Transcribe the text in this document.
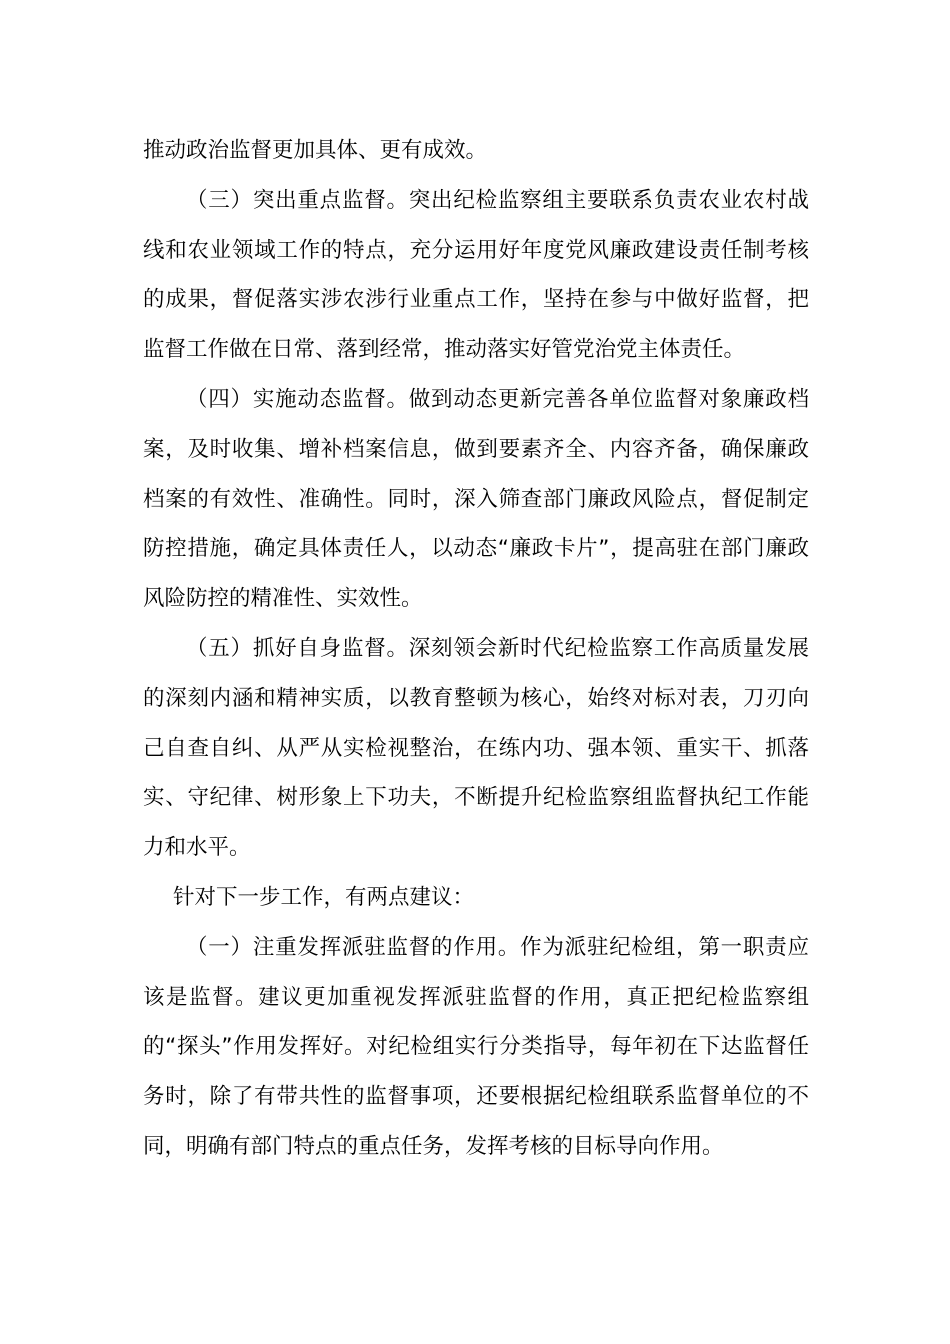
推动政治监督更加具体、更有成效。

（三）突出重点监督。突出纪检监察组主要联系负责农业农村战线和农业领域工作的特点，充分运用好年度党风廉政建设责任制考核的成果，督促落实涉农涉行业重点工作，坚持在参与中做好监督，把监督工作做在日常、落到经常，推动落实好管党治党主体责任。

（四）实施动态监督。做到动态更新完善各单位监督对象廉政档案，及时收集、增补档案信息，做到要素齐全、内容齐备，确保廉政档案的有效性、准确性。同时，深入筛查部门廉政风险点，督促制定防控措施，确定具体责任人，以动态“廉政卡片”，提高驻在部门廉政风险防控的精准性、实效性。

（五）抓好自身监督。深刻领会新时代纪检监察工作高质量发展的深刻内涵和精神实质，以教育整顿为核心，始终对标对表，刀刃向己自查自纠、从严从实检视整治，在练内功、强本领、重实干、抓落实、守纪律、树形象上下功夫，不断提升纪检监察组监督执纪工作能力和水平。

针对下一步工作，有两点建议：

（一）注重发挥派驻监督的作用。作为派驻纪检组，第一职责应该是监督。建议更加重视发挥派驻监督的作用，真正把纪检监察组的“探头”作用发挥好。对纪检组实行分类指导，每年初在下达监督任务时，除了有带共性的监督事项，还要根据纪检组联系监督单位的不同，明确有部门特点的重点任务，发挥考核的目标导向作用。
